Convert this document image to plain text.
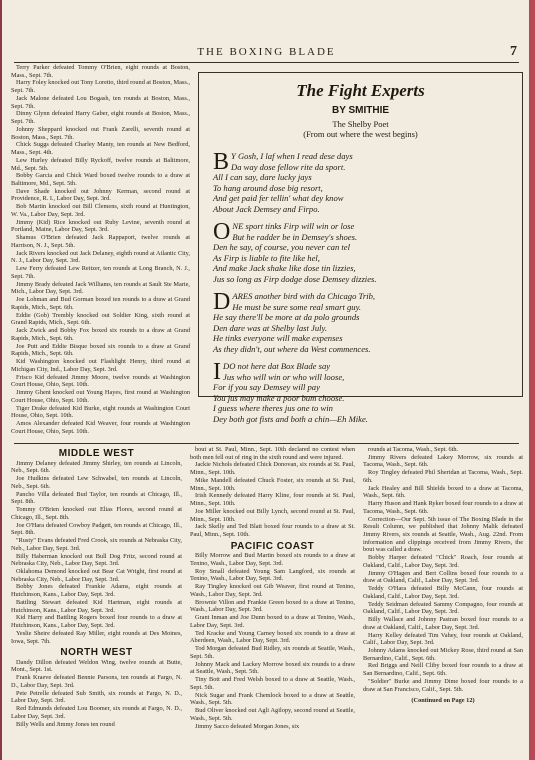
THE BOXING BLADE	7

Terry Parker defeated Tommy O'Brien, eight rounds at Boston, Mass., Sept. 7th.

Harry Foley knocked out Tony Loretto, third round at Boston, Mass., Sept. 7th.

Jack Malone defeated Lou Bogash, ten rounds at Boston, Mass., Sept. 7th.

Dinny Glynn defeated Harry Gaber, eight rounds at Boston, Mass., Sept. 7th.

Johnny Sheppard knocked out Frank Zarelli, seventh round at Boston, Mass., Sept. 7th.

Chick Suggs defeated Charley Manty, ten rounds at New Bedford, Mass., Sept. 4th.

Lew Hurley defeated Billy Ryckoff, twelve rounds at Baltimore, Md., Sept. 5th.

Bobby Garcia and Chick Ward boxed twelve rounds to a draw at Baltimore, Md., Sept. 5th.

Dave Shade knocked out Johnny Kerman, second round at Providence, R. I., Labor Day, Sept. 3rd.

Bob Martin knocked out Bill Clemens, sixth round at Huntington, W. Va., Labor Day, Sept. 3rd.

Jimmy (Kid) Rice knocked out Ruby Levine, seventh round at Portland, Maine, Labor Day, Sept. 3rd.

Shamus O'Brien defeated Jack Rappaport, twelve rounds at Harrison, N. J., Sept. 5th.

Jack Rivers knocked out Jack Delaney, eighth round at Atlantic City, N. J., Labor Day, Sept. 3rd.

Lew Ferry defeated Lew Reitzer, ten rounds at Long Branch, N. J., Sept. 7th.

Jimmy Brady defeated Jack Williams, ten rounds at Sault Ste Marie, Mich., Labor Day, Sept. 3rd.

Joe Lohman and Bud Gorman boxed ten rounds to a draw at Grand Rapids, Mich., Sept. 6th.

Eddie (Gob) Trembly knocked out Soldier King, sixth round at Grand Rapids, Mich., Sept. 6th.

Jack Zwick and Bobby Fox boxed six rounds to a draw at Grand Rapids, Mich., Sept. 6th.

Joe Putt and Eddie Bisque boxed six rounds to a draw at Grand Rapids, Mich., Sept. 6th.

Kid Washington knocked out Flashlight Henry, third round at Michigan City, Ind., Labor Day, Sept. 3rd.

Frisco Kid defeated Jimmy Moore, twelve rounds at Washington Court House, Ohio, Sept. 10th.

Jimmy Ghent knocked out Young Hayes, first round at Washington Court House, Ohio, Sept. 10th.

Tiger Drake defeated Kid Burke, eight rounds at Washington Court House, Ohio, Sept. 10th.

Amos Alexander defeated Kid Weaver, four rounds at Washington Court House, Ohio, Sept. 10th.

The Fight Experts
BY SMITHIE
The Shelby Poet
(From out where the west begins)
B Y Gosh, I laf when I read dese days
Da way dose fellow rite da sport.
All I can say, dare lucky jays
To hang around dose big resort,
And get paid fer tellin' what dey know
About Jack Demsey and Firpo.
O NE sport tinks Firp will win or lose
But he radder be in Demsey's shoes.
Den he say, of course, you never can tel
As Firp is liable to fite like hel,
And make Jack shake like dose tin lizzies,
Jus so long as Firp dodge dose Demsey dizzies.
D ARES another bird with da Chicago Trib,
He must be sure some real smart guy.
He say there'll be more at da polo grounds
Den dare was at Shelby last July.
He tinks everyone will make expenses
As they didn't, out where da West commences.
I DO not here dat Box Blade say
Jus who will win or who will loose,
For if you say Demsey will pay
You jus may make a poor bum choose.
I guess where theres jus one to win
Dey both got fists and both a chin—Eh Mike.
MIDDLE WEST

Jimmy Delaney defeated Jimmy Shirley, ten rounds at Lincoln, Neb., Sept. 6th.

Joe Hudkins defeated Lew Schwabel, ten rounds at Lincoln, Neb., Sept. 6th.

Pancho Villa defeated Bud Taylor, ten rounds at Chicago, Ill., Sept. 8th.

Tommy O'Brien knocked out Elias Flores, second round at Chicago, Ill., Sept. 8th.

Joe O'Hara defeated Cowboy Padgett, ten rounds at Chicago, Ill., Sept. 8th.

"Rusty" Evans defeated Fred Crook, six rounds at Nebraska City, Neb., Labor Day, Sept. 3rd.

Billy Haberman knocked out Bull Dog Fritz, second round at Nebraska City, Neb., Labor Day, Sept. 3rd.

Oklahoma Demond knocked out Bear Cat Wright, first round at Nebraska City, Neb., Labor Day, Sept. 3rd.

Bobby Jones defeated Frankie Adams, eight rounds at Hutchinson, Kans., Labor Day, Sept. 3rd.

Battling Stewart defeated Kid Hartman, eight rounds at Hutchinson, Kans., Labor Day, Sept. 3rd.

Kid Harry and Battling Rogers boxed four rounds to a draw at Hutchinson, Kans., Labor Day, Sept. 3rd.

Yeslie Sheire defeated Ray Miller, eight rounds at Des Moines, Iowa, Sept. 7th.

NORTH WEST

Dandy Dillon defeated Weldon Wing, twelve rounds at Butte, Mont., Sept. 1st.

Frank Kraeve defeated Bennie Parsons, ten rounds at Fargo, N. D., Labor Day, Sept. 3rd.

Pete Petrelle defeated Sub Smith, six rounds at Fargo, N. D., Labor Day, Sept. 3rd.

Red Edmunds defeated Lou Boomer, six rounds at Fargo, N. D., Labor Day, Sept. 3rd.

Billy Wells and Jimmy Jones ten round

bout at St. Paul, Minn., Sept. 10th declared no contest when both men fell out of ring in the sixth round and were injured.

Jackie Nichols defeated Chick Donovan, six rounds at St. Paul, Minn., Sept. 10th.

Mike Mandell defeated Chuck Foster, six rounds at St. Paul, Minn., Sept. 10th.

Irish Kennedy defeated Harry Kline, four rounds at St. Paul, Minn., Sept. 10th.

Joe Miller knocked out Billy Lynch, second round at St. Paul, Minn., Sept. 10th.

Jack Skelly and Ted Blatt boxed four rounds to a draw at St. Paul, Minn., Sept. 10th.

PACIFIC COAST

Billy Morrow and Bud Martin boxed six rounds to a draw at Tenino, Wash., Labor Day, Sept. 3rd.

Roy Small defeated Young Sam Langford, six rounds at Tenino, Wash., Labor Day, Sept. 3rd.

Ray Tingley knocked out Gib Weaver, first round at Tenino, Wash., Labor Day, Sept. 3rd.

Brownie Villon and Frankie Green boxed to a draw at Tenino, Wash., Labor Day, Sept. 3rd.

Grant Inman and Joe Dunn boxed to a draw at Tenino, Wash., Labor Day, Sept. 3rd.

Ted Kracke and Young Carney boxed six rounds to a draw at Aberdeen, Wash., Labor Day, Sept. 3rd.

Tod Morgan defeated Bud Ridley, six rounds at Seattle, Wash., Sept. 5th.

Johnny Mack and Lackey Morrow boxed six rounds to a draw at Seattle, Wash., Sept. 5th.

Tiny Bott and Fred Welsh boxed to a draw at Seattle, Wash., Sept. 5th.

Nick Sugar and Frank Chemlock boxed to a draw at Seattle, Wash., Sept. 5th.

Bud Oliver knocked out Agli Agilopy, second round at Seattle, Wash., Sept. 5th.

Jimmy Sacco defeated Morgan Jones, six

rounds at Tacoma, Wash., Sept. 6th.

Jimmy Rivers defeated Lakey Morrow, six rounds at Tacoma, Wash., Sept. 6th.

Roy Tingley defeated Phil Sheridan at Tacoma, Wash., Sept. 6th.

Jack Healey and Bill Shields boxed to a draw at Tacoma, Wash., Sept. 6th.

Harry Huson and Hank Ryker boxed four rounds to a draw at Tacoma, Wash., Sept. 6th.

Correction—Our Sept. 5th issue of The Boxing Blade in the Result Column, we published that Johnny Malik defeated Jimmy Rivers, six rounds at Seattle, Wash., Aug. 22nd. From information and clippings received from Jimmy Rivers, the bout was called a draw.

Bobby Harper defeated "Chick" Roach, four rounds at Oakland, Calif., Labor Day, Sept. 3rd.

Jimmy O'Hagen and Bert Collins boxed four rounds to a draw at Oakland, Calif., Labor Day, Sept. 3rd.

Teddy O'Hara defeated Billy McCann, four rounds at Oakland, Calif., Labor Day, Sept. 3rd.

Teddy Seidman defeated Sammy Compagno, four rounds at Oakland, Calif., Labor Day, Sept. 3rd.

Billy Wallace and Johnny Pastran boxed four rounds to a draw at Oakland, Calif., Labor Day, Sept. 3rd.

Harry Kelley defeated Tim Vahey, four rounds at Oakland, Calif., Labor Day, Sept. 3rd.

Johnny Adams knocked out Mickey Rose, third round at San Bernardino, Calif., Sept. 6th.

Red Briggs and Neill Cliby boxed four rounds to a draw at San Bernardino, Calif., Sept. 6th.

"Soldier" Burke and Jimmy Dime boxed four rounds to a draw at San Francisco, Calif., Sept. 5th.

(Continued on Page 12)
